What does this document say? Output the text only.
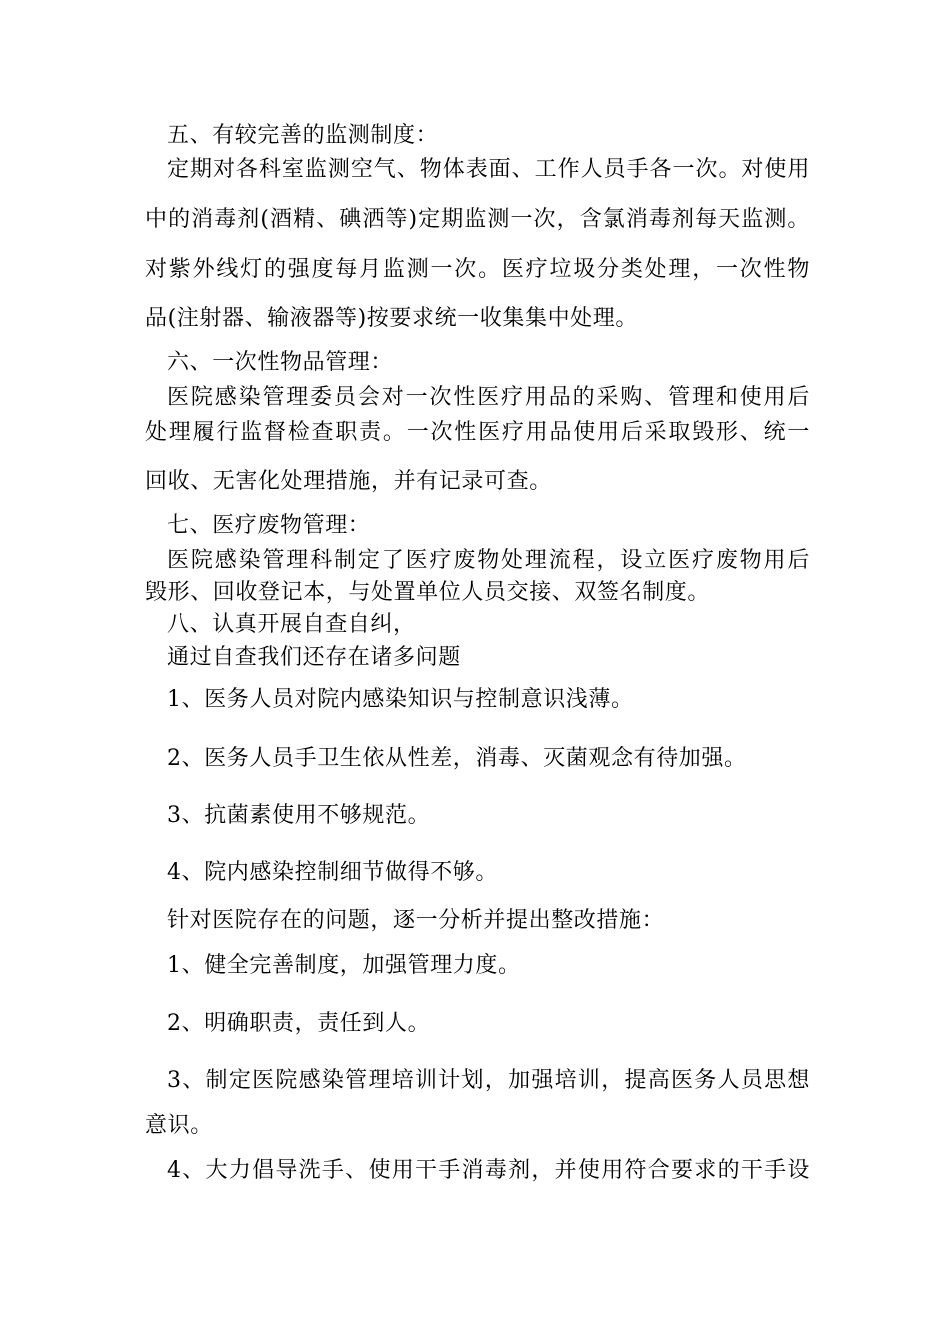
五、有较完善的监测制度：
定期对各科室监测空气、物体表面、工作人员手各一次。对使用
中的消毒剂(酒精、碘洒等)定期监测一次，含氯消毒剂每天监测。
对紫外线灯的强度每月监测一次。医疗垃圾分类处理，一次性物
品(注射器、输液器等)按要求统一收集集中处理。
六、一次性物品管理：
医院感染管理委员会对一次性医疗用品的采购、管理和使用后
处理履行监督检查职责。一次性医疗用品使用后采取毁形、统一
回收、无害化处理措施，并有记录可查。
七、医疗废物管理：
医院感染管理科制定了医疗废物处理流程，设立医疗废物用后
毁形、回收登记本，与处置单位人员交接、双签名制度。
八、认真开展自查自纠，
通过自查我们还存在诸多问题
1、医务人员对院内感染知识与控制意识浅薄。
2、医务人员手卫生依从性差，消毒、灭菌观念有待加强。
3、抗菌素使用不够规范。
4、院内感染控制细节做得不够。
针对医院存在的问题，逐一分析并提出整改措施：
1、健全完善制度，加强管理力度。
2、明确职责，责任到人。
3、制定医院感染管理培训计划，加强培训，提高医务人员思想
意识。
4、大力倡导洗手、使用干手消毒剂，并使用符合要求的干手设
